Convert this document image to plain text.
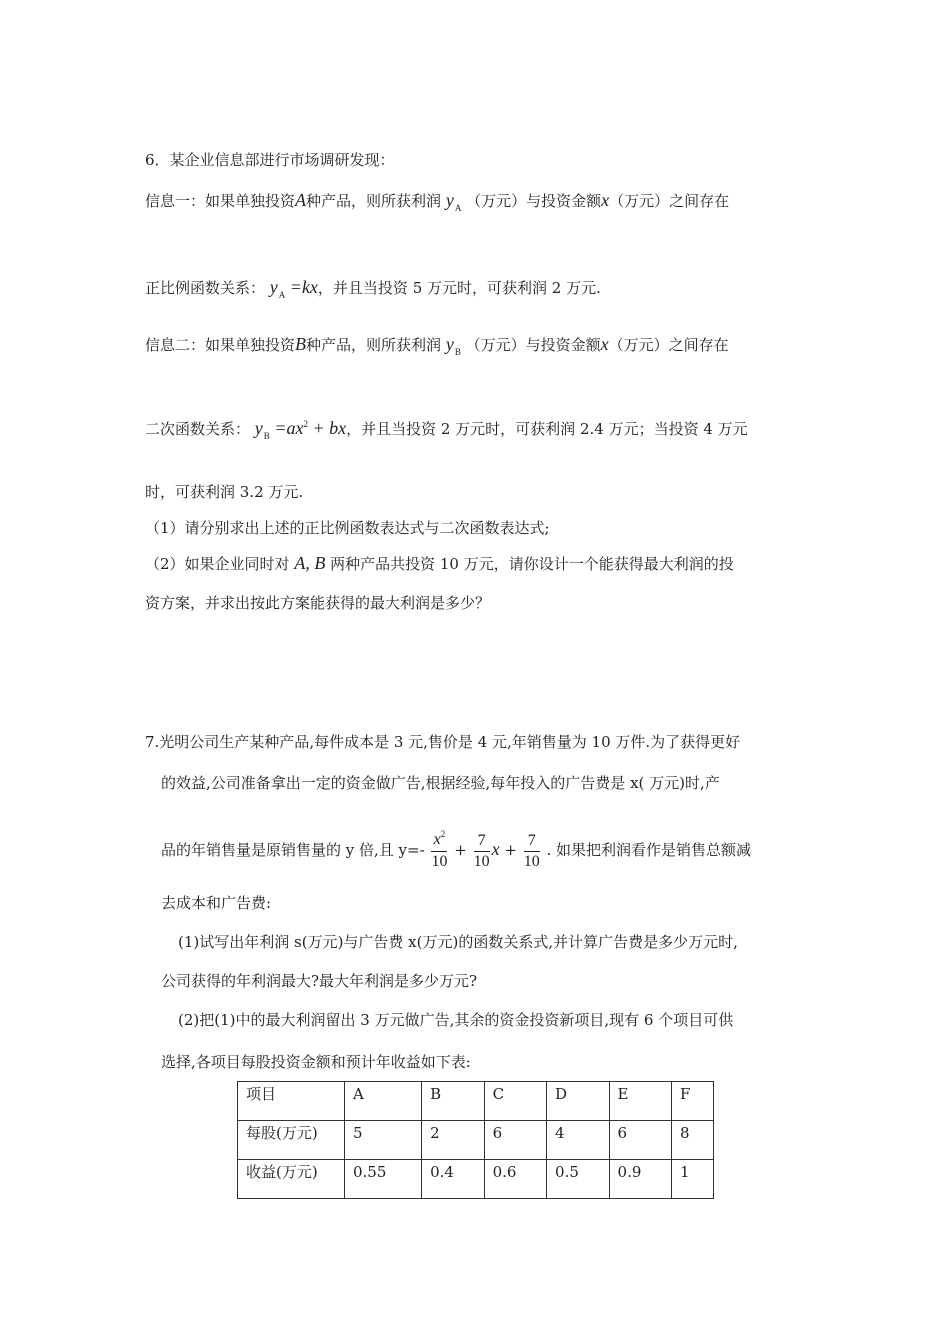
6．某企业信息部进行市场调研发现：
信息一：如果单独投资A种产品，则所获利润 $y_A$ （万元）与投资金额x（万元）之间存在
正比例函数关系： $y_A =kx$，并且当投资 5 万元时，可获利润 2 万元.
信息二：如果单独投资B种产品，则所获利润 $y_B$ （万元）与投资金额x（万元）之间存在
二次函数关系： $y_B =ax^2$ + bx，并且当投资 2 万元时，可获利润 2.4 万元；当投资 4 万元
时，可获利润 3.2 万元.
（1）请分别求出上述的正比例函数表达式与二次函数表达式;
（2）如果企业同时对 A, B 两种产品共投资 10 万元，请你设计一个能获得最大利润的投
资方案，并求出按此方案能获得的最大利润是多少？
7.光明公司生产某种产品,每件成本是 3 元,售价是 4 元,年销售量为 10 万件.为了获得更好
的效益,公司准备拿出一定的资金做广告,根据经验,每年投入的广告费是 x( 万元)时,产
品的年销售量是原销售量的 y 倍,且 $y=- \frac{x^2}{10} + \frac{7}{10}$ $x + \frac{7}{10}$ . 如果把利润看作是销售总额减
去成本和广告费:
(1)试写出年利润 s(万元)与广告费 x(万元)的函数关系式,并计算广告费是多少万元时,
公司获得的年利润最大?最大年利润是多少万元?
(2)把(1)中的最大利润留出 3 万元做广告,其余的资金投资新项目,现有 6 个项目可供
选择,各项目每股投资金额和预计年收益如下表:
项目	A	B	C	D	E	F
每股(万元)	5	2	6	4	6	8
收益(万元)	0.55	0.4	0.6	0.5	0.9	1
